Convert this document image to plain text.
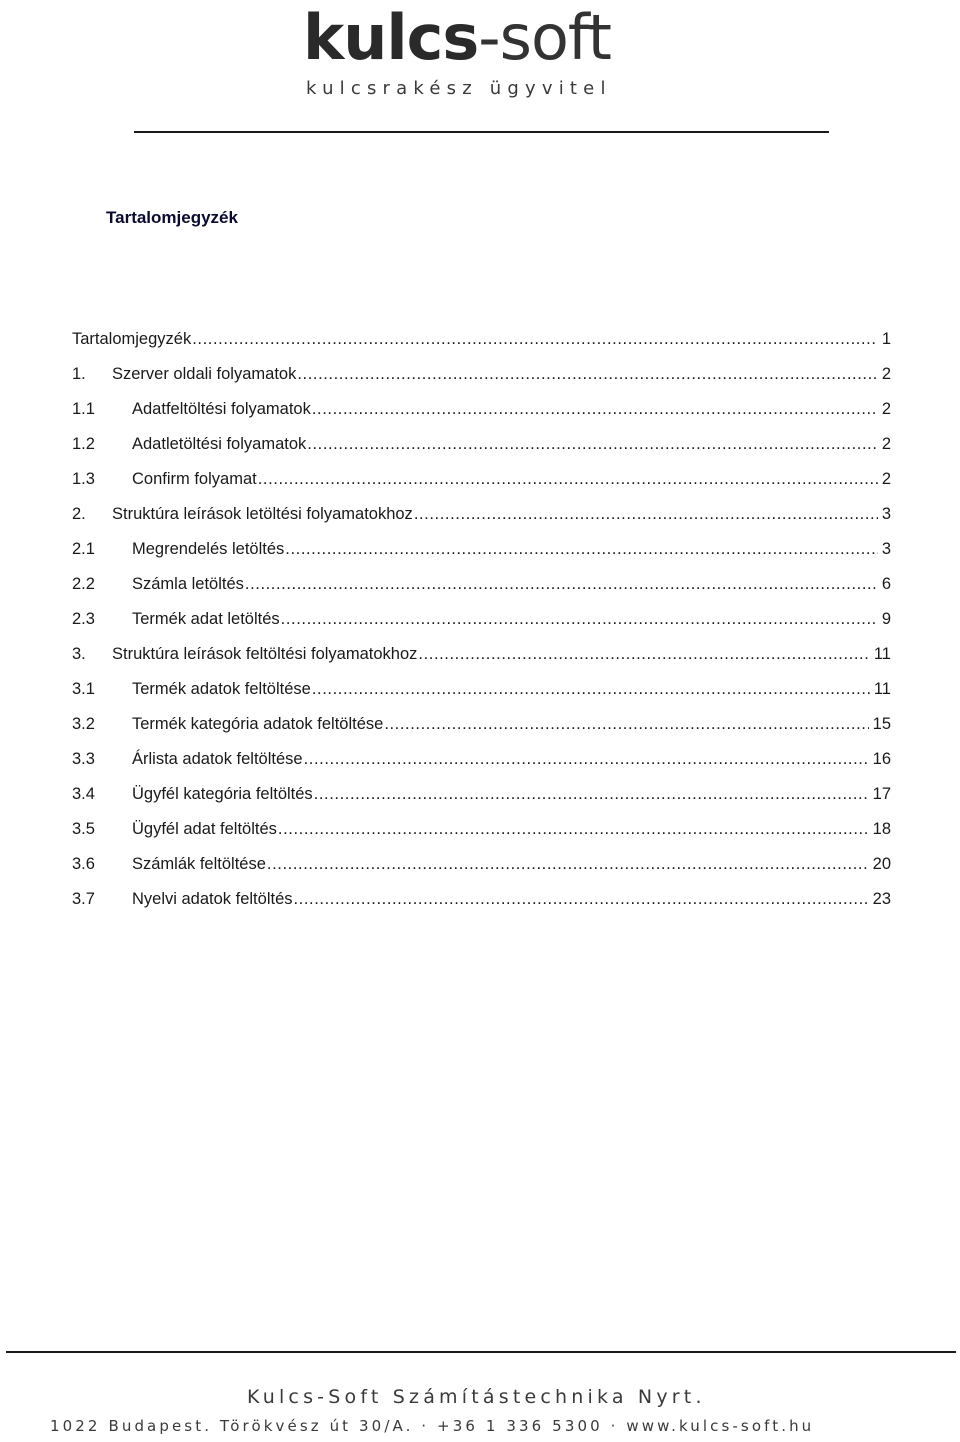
kulcs-soft
kulcsrakész ügyvitel
Tartalomjegyzék
Tartalomjegyzék .....	1
1.	Szerver oldali folyamatok .....	2
1.1	Adatfeltöltési folyamatok .....	2
1.2	Adatletöltési folyamatok .....	2
1.3	Confirm folyamat .....	2
2.	Struktúra leírások letöltési folyamatokhoz .....	3
2.1	Megrendelés letöltés .....	3
2.2	Számla letöltés .....	6
2.3	Termék adat letöltés .....	9
3.	Struktúra leírások feltöltési folyamatokhoz .....	11
3.1	Termék adatok feltöltése .....	11
3.2	Termék kategória adatok feltöltése .....	15
3.3	Árlista adatok feltöltése .....	16
3.4	Ügyfél kategória feltöltés .....	17
3.5	Ügyfél adat feltöltés .....	18
3.6	Számlák feltöltése .....	20
3.7	Nyelvi adatok feltöltés .....	23
Kulcs-Soft Számítástechnika Nyrt.
1022 Budapest. Törökvész út 30/A. · +36 1 336 5300 · www.kulcs-soft.hu
